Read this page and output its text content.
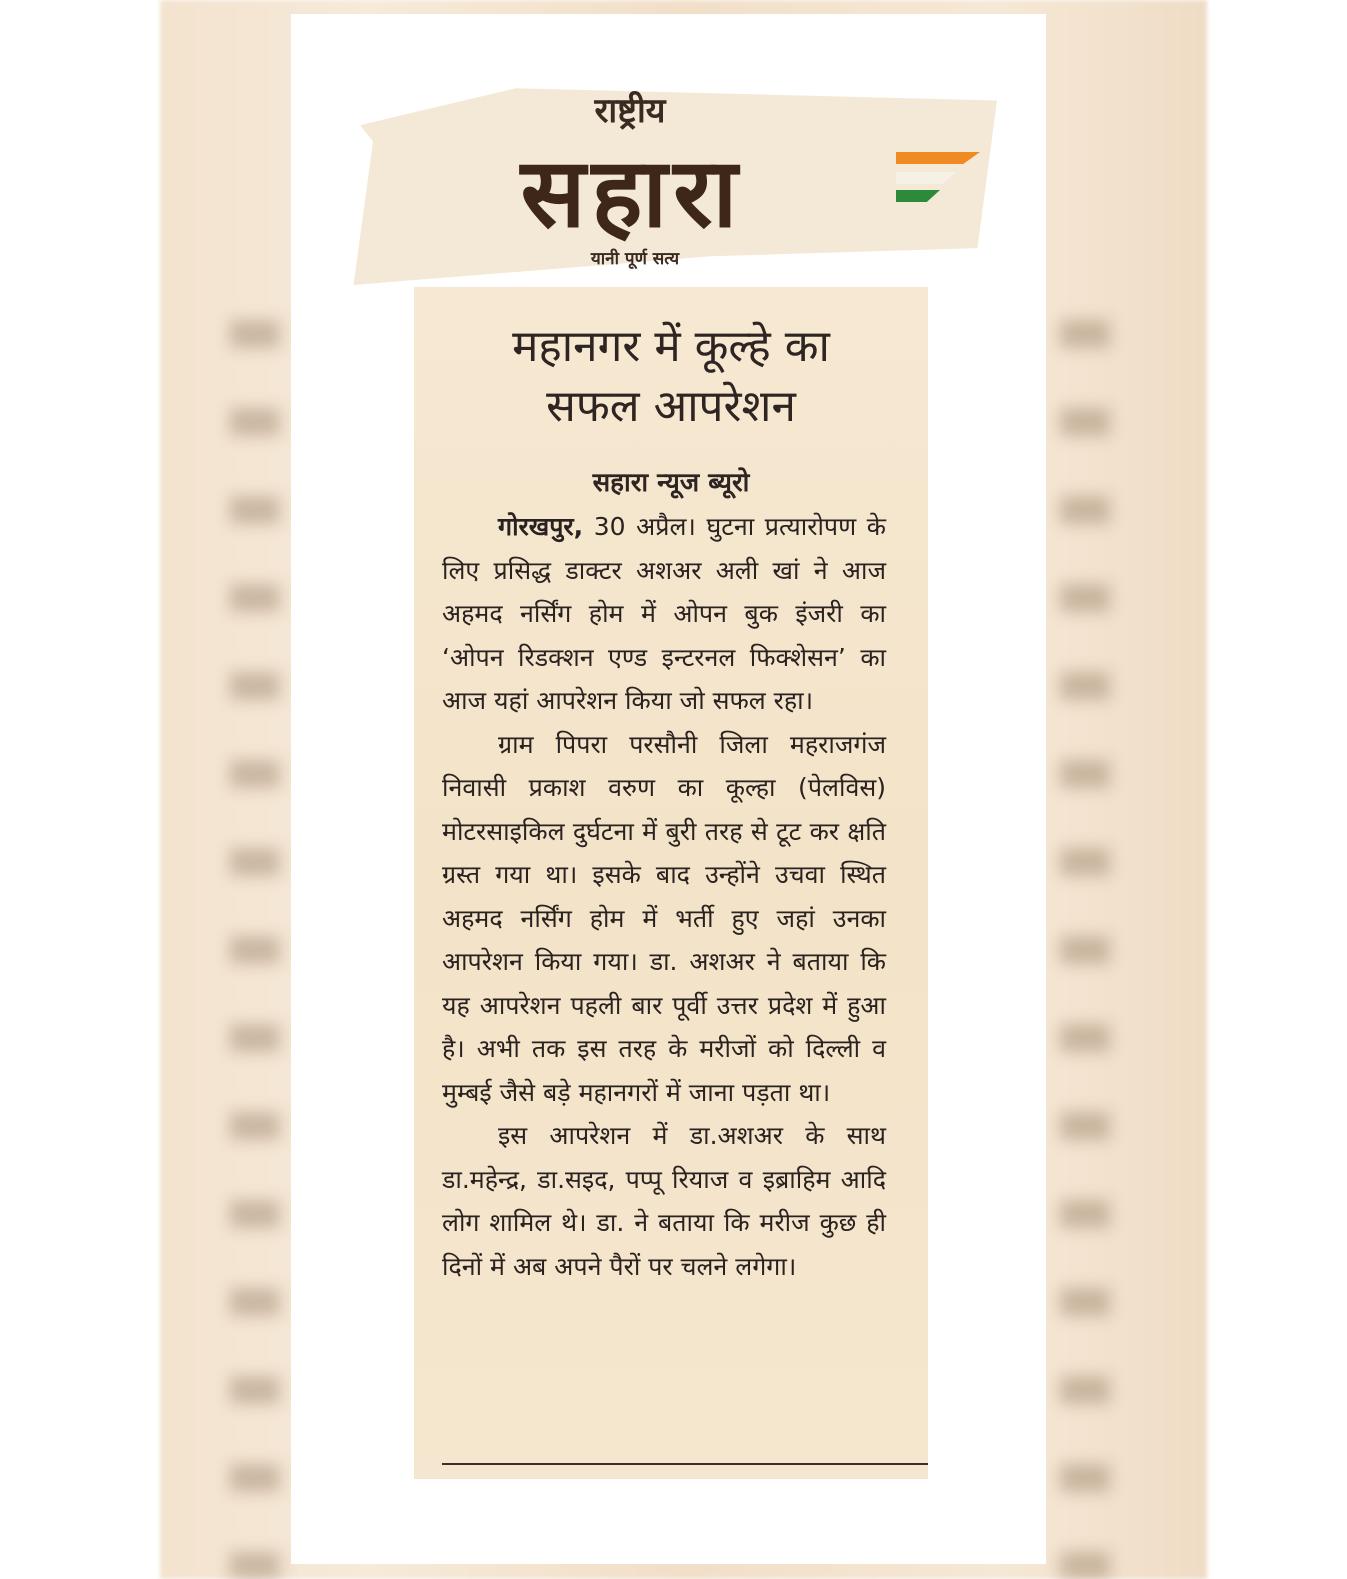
राष्ट्रीय
सहारा
यानी पूर्ण सत्य
महानगर में कूल्हे का
सफल आपरेशन
सहारा न्यूज ब्यूरो

गोरखपुर, 30 अप्रैल। घुटना प्रत्यारोपण के लिए प्रसिद्ध डाक्टर अशअर अली खां ने आज अहमद नर्सिंग होम में ओपन बुक इंजरी का ‘ओपन रिडक्शन एण्ड इन्टरनल फिक्शेसन’ का आज यहां आपरेशन किया जो सफल रहा।

ग्राम पिपरा परसौनी जिला महराजगंज निवासी प्रकाश वरुण का कूल्हा (पेलविस) मोटरसाइकिल दुर्घटना में बुरी तरह से टूट कर क्षति ग्रस्त गया था। इसके बाद उन्होंने उचवा स्थित अहमद नर्सिंग होम में भर्ती हुए जहां उनका आपरेशन किया गया। डा. अशअर ने बताया कि यह आपरेशन पहली बार पूर्वी उत्तर प्रदेश में हुआ है। अभी तक इस तरह के मरीजों को दिल्ली व मुम्बई जैसे बड़े महानगरों में जाना पड़ता था।

इस आपरेशन में डा.अशअर के साथ डा.महेन्द्र, डा.सइद, पप्पू रियाज व इब्राहिम आदि लोग शामिल थे। डा. ने बताया कि मरीज कुछ ही दिनों में अब अपने पैरों पर चलने लगेगा।
